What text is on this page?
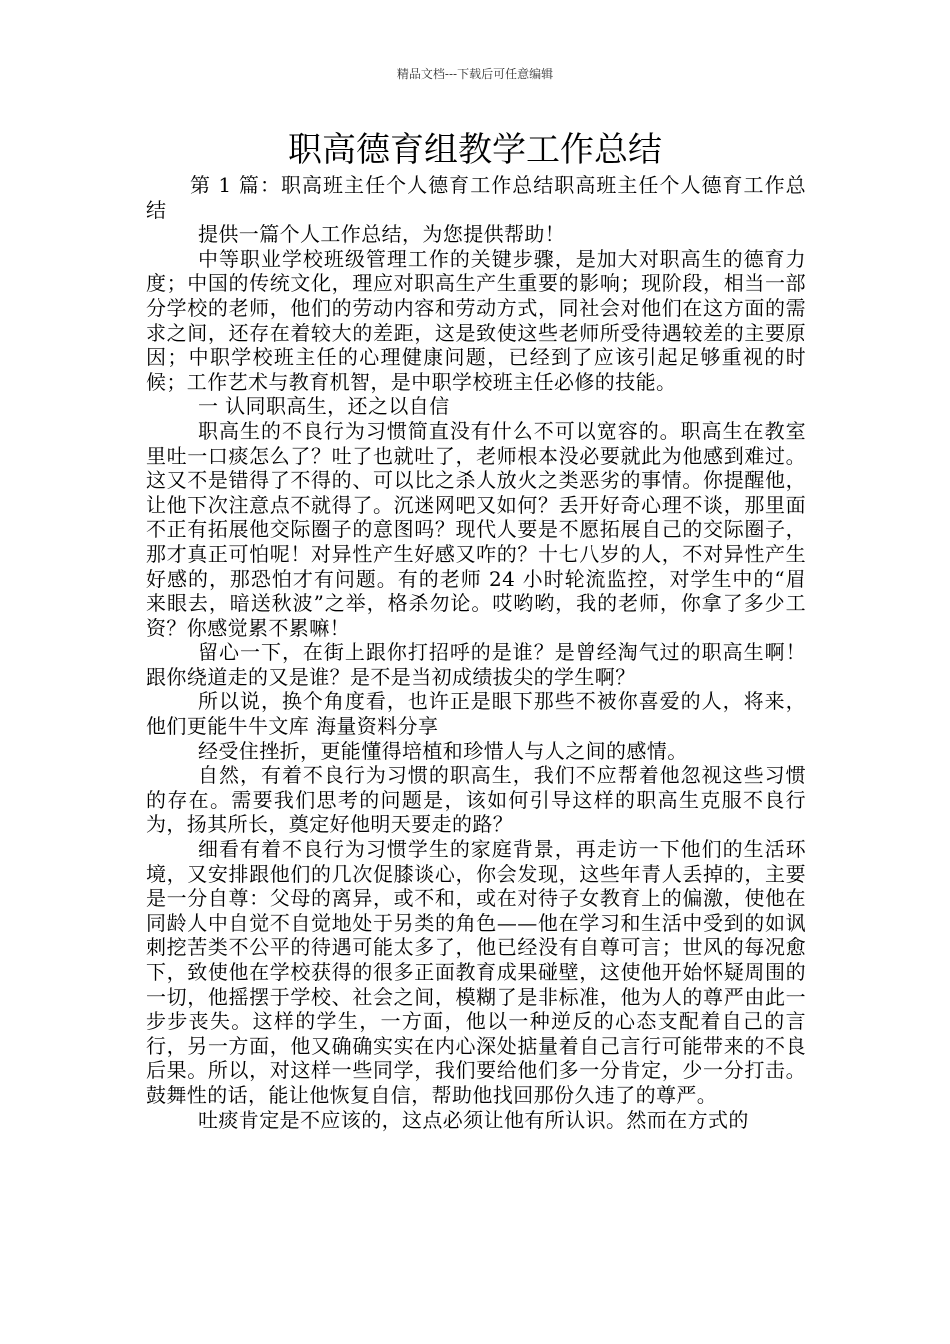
精品文档---下载后可任意编辑
职高德育组教学工作总结

第 1 篇：职高班主任个人德育工作总结职高班主任个人德育工作总结

提供一篇个人工作总结，为您提供帮助！

中等职业学校班级管理工作的关键步骤，是加大对职高生的德育力度；中国的传统文化，理应对职高生产生重要的影响；现阶段，相当一部分学校的老师，他们的劳动内容和劳动方式，同社会对他们在这方面的需求之间，还存在着较大的差距，这是致使这些老师所受待遇较差的主要原因；中职学校班主任的心理健康问题，已经到了应该引起足够重视的时候；工作艺术与教育机智，是中职学校班主任必修的技能。

一 认同职高生，还之以自信

职高生的不良行为习惯简直没有什么不可以宽容的。职高生在教室里吐一口痰怎么了？吐了也就吐了，老师根本没必要就此为他感到难过。这又不是错得了不得的、可以比之杀人放火之类恶劣的事情。你提醒他，让他下次注意点不就得了。沉迷网吧又如何？丢开好奇心理不谈，那里面不正有拓展他交际圈子的意图吗？现代人要是不愿拓展自己的交际圈子，那才真正可怕呢！对异性产生好感又咋的？十七八岁的人，不对异性产生好感的，那恐怕才有问题。有的老师 24 小时轮流监控，对学生中的“眉来眼去，暗送秋波”之举，格杀勿论。哎哟哟，我的老师，你拿了多少工资？你感觉累不累嘛！

留心一下，在街上跟你打招呼的是谁？是曾经淘气过的职高生啊！跟你绕道走的又是谁？是不是当初成绩拔尖的学生啊？

所以说，换个角度看，也许正是眼下那些不被你喜爱的人，将来，他们更能牛牛文库 海量资料分享

经受住挫折，更能懂得培植和珍惜人与人之间的感情。

自然，有着不良行为习惯的职高生，我们不应帮着他忽视这些习惯的存在。需要我们思考的问题是，该如何引导这样的职高生克服不良行为，扬其所长，奠定好他明天要走的路？

细看有着不良行为习惯学生的家庭背景，再走访一下他们的生活环境，又安排跟他们的几次促膝谈心，你会发现，这些年青人丢掉的，主要是一分自尊：父母的离异，或不和，或在对待子女教育上的偏激，使他在同龄人中自觉不自觉地处于另类的角色——他在学习和生活中受到的如讽刺挖苦类不公平的待遇可能太多了，他已经没有自尊可言；世风的每况愈下，致使他在学校获得的很多正面教育成果碰壁，这使他开始怀疑周围的一切，他摇摆于学校、社会之间，模糊了是非标准，他为人的尊严由此一步步丧失。这样的学生，一方面，他以一种逆反的心态支配着自己的言行，另一方面，他又确确实实在内心深处掂量着自己言行可能带来的不良后果。所以，对这样一些同学，我们要给他们多一分肯定，少一分打击。鼓舞性的话，能让他恢复自信，帮助他找回那份久违了的尊严。

吐痰肯定是不应该的，这点必须让他有所认识。然而在方式的
